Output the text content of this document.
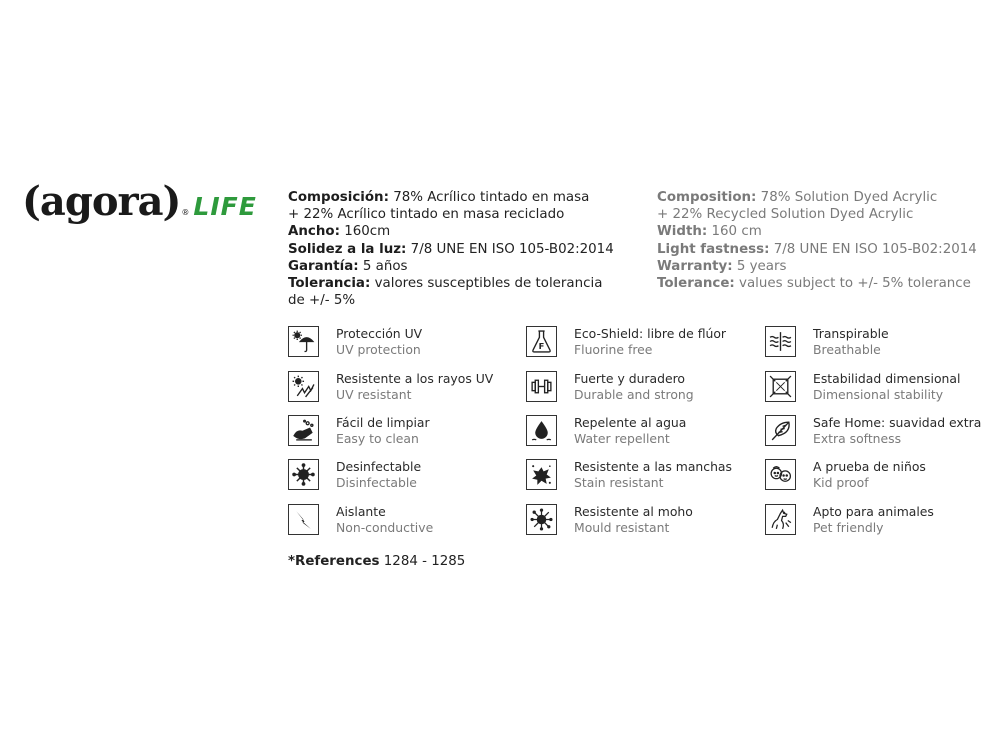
(agora) ® LIFE Composición: 78% Acrílico tintado en masa
+ 22% Acrílico tintado en masa reciclado
Ancho: 160cm
Solidez a la luz: 7/8 UNE EN ISO 105-B02:2014
Garantía: 5 años
Tolerancia: valores susceptibles de tolerancia de +/- 5%
Composition: 78% Solution Dyed Acrylic
+ 22% Recycled Solution Dyed Acrylic
Width: 160 cm
Light fastness: 7/8 UNE EN ISO 105-B02:2014
Warranty: 5 years
Tolerance: values subject to +/- 5% tolerance
Protección UV
UV protection
Resistente a los rayos UV
UV resistant
Fácil de limpiar
Easy to clean
Desinfectable
Disinfectable
Aislante
Non-conductive
F
Eco-Shield: libre de flúor
Fluorine free
Fuerte y duradero
Durable and strong
Repelente al agua
Water repellent
Resistente a las manchas
Stain resistant
Resistente al moho
Mould resistant
Transpirable
Breathable
Estabilidad dimensional
Dimensional stability
Safe Home: suavidad extra
Extra softness
A prueba de niños
Kid proof
Apto para animales
Pet friendly
*References 1284 - 1285
